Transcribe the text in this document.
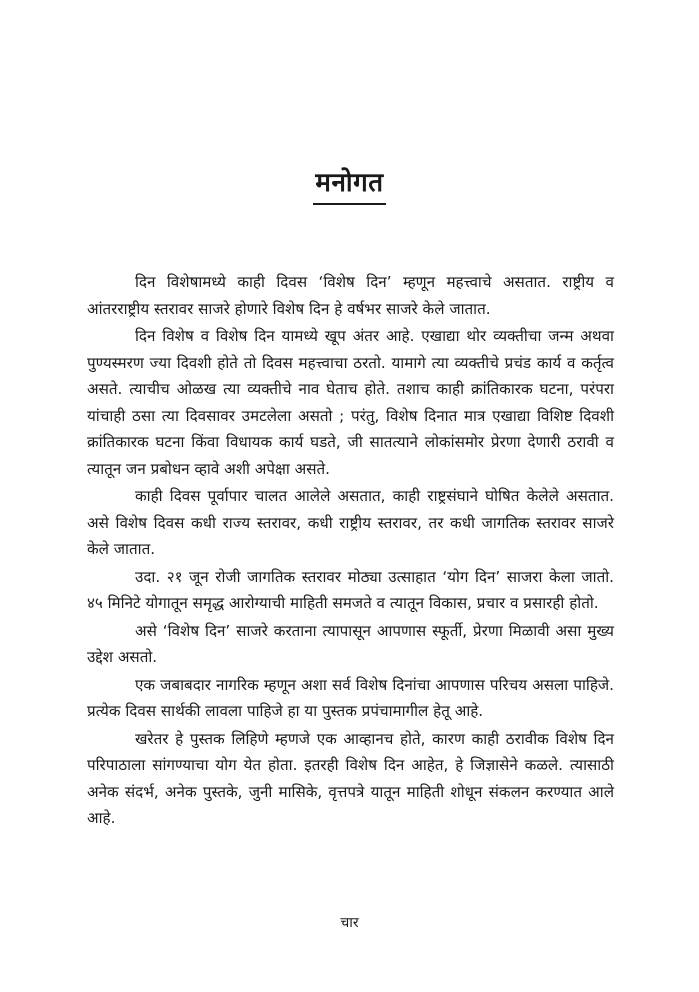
मनोगत

दिन विशेषामध्ये काही दिवस ‘विशेष दिन’ म्हणून महत्त्वाचे असतात. राष्ट्रीय व आंतरराष्ट्रीय स्तरावर साजरे होणारे विशेष दिन हे वर्षभर साजरे केले जातात.

दिन विशेष व विशेष दिन यामध्ये खूप अंतर आहे. एखाद्या थोर व्यक्तीचा जन्म अथवा पुण्यस्मरण ज्या दिवशी होते तो दिवस महत्त्वाचा ठरतो. यामागे त्या व्यक्तीचे प्रचंड कार्य व कर्तृत्व असते. त्याचीच ओळख त्या व्यक्तीचे नाव घेताच होते. तशाच काही क्रांतिकारक घटना, परंपरा यांचाही ठसा त्या दिवसावर उमटलेला असतो ; परंतु, विशेष दिनात मात्र एखाद्या विशिष्ट दिवशी क्रांतिकारक घटना किंवा विधायक कार्य घडते, जी सातत्याने लोकांसमोर प्रेरणा देणारी ठरावी व त्यातून जन प्रबोधन व्हावे अशी अपेक्षा असते.

काही दिवस पूर्वापार चालत आलेले असतात, काही राष्ट्रसंघाने घोषित केलेले असतात. असे विशेष दिवस कधी राज्य स्तरावर, कधी राष्ट्रीय स्तरावर, तर कधी जागतिक स्तरावर साजरे केले जातात.

उदा. २१ जून रोजी जागतिक स्तरावर मोठ्या उत्साहात ‘योग दिन’ साजरा केला जातो. ४५ मिनिटे योगातून समृद्ध आरोग्याची माहिती समजते व त्यातून विकास, प्रचार व प्रसारही होतो.

असे ‘विशेष दिन’ साजरे करताना त्यापासून आपणास स्फूर्ती, प्रेरणा मिळावी असा मुख्य उद्देश असतो.

एक जबाबदार नागरिक म्हणून अशा सर्व विशेष दिनांचा आपणास परिचय असला पाहिजे. प्रत्येक दिवस सार्थकी लावला पाहिजे हा या पुस्तक प्रपंचामागील हेतू आहे.

खरेतर हे पुस्तक लिहिणे म्हणजे एक आव्हानच होते, कारण काही ठरावीक विशेष दिन परिपाठाला सांगण्याचा योग येत होता. इतरही विशेष दिन आहेत, हे जिज्ञासेने कळले. त्यासाठी अनेक संदर्भ, अनेक पुस्तके, जुनी मासिके, वृत्तपत्रे यातून माहिती शोधून संकलन करण्यात आले आहे.

चार
